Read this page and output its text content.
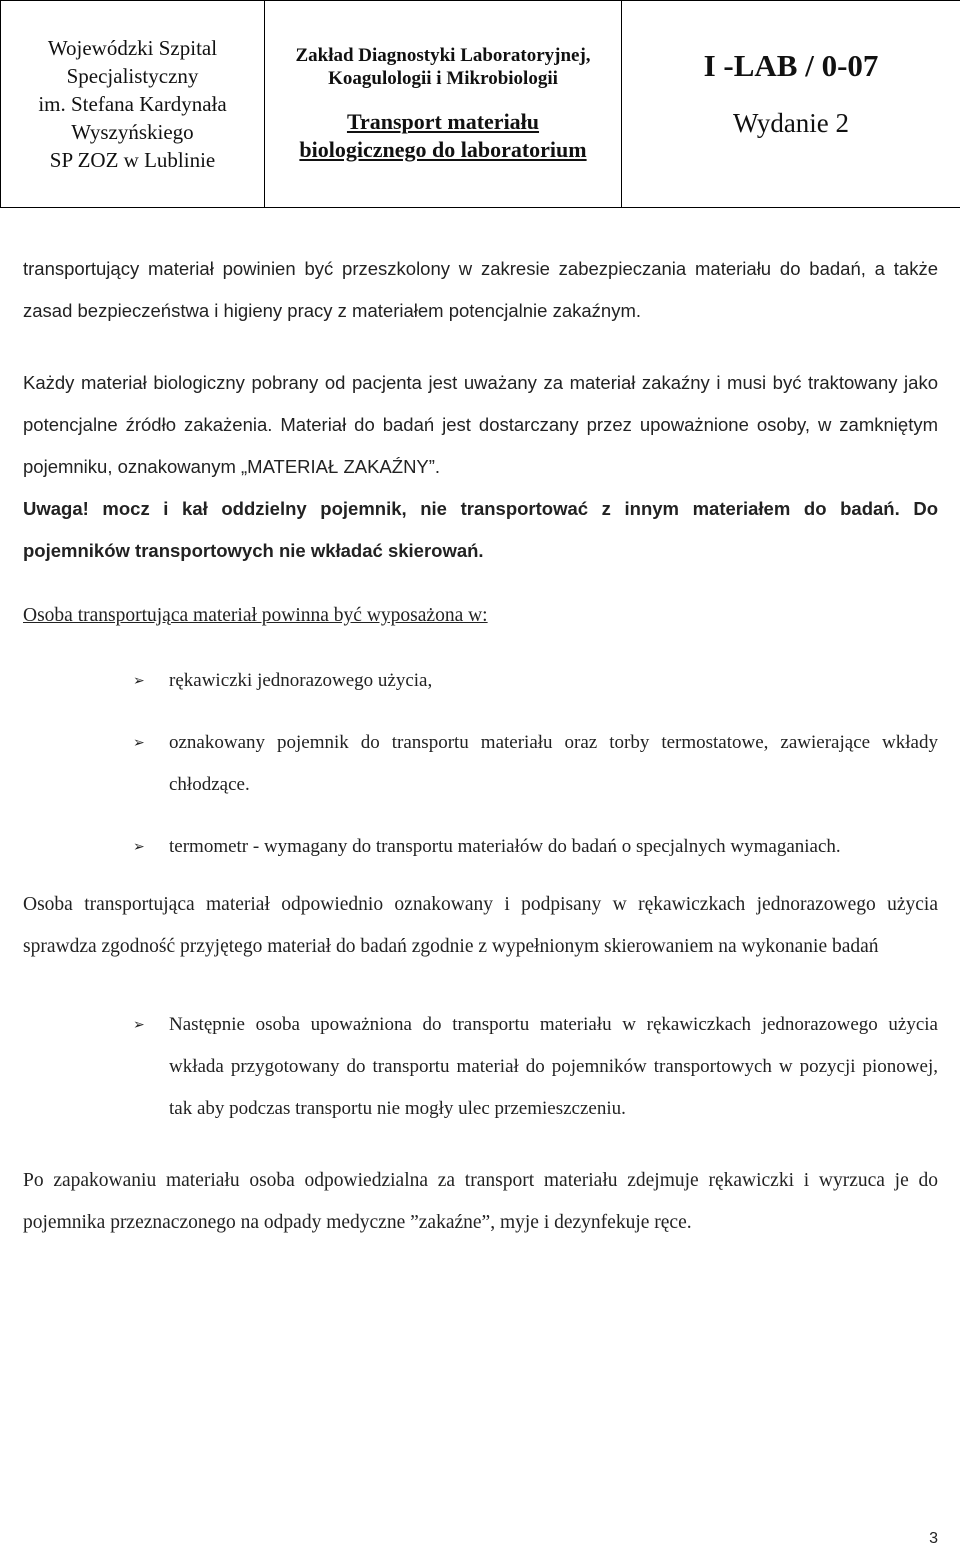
Wojewódzki Szpital
Specjalistyczny
im. Stefana Kardynała
Wyszyńskiego
SP ZOZ w Lublinie

Zakład Diagnostyki Laboratoryjnej,
Koagulologii i Mikrobiologii
Transport materiału
biologicznego do laboratorium

I -LAB / 0-07
Wydanie 2

transportujący materiał powinien być przeszkolony w zakresie zabezpieczania materiału do badań, a także zasad bezpieczeństwa i higieny pracy z materiałem potencjalnie zakaźnym.

Każdy materiał biologiczny pobrany od pacjenta jest uważany za materiał zakaźny i musi być traktowany jako potencjalne źródło zakażenia. Materiał do badań jest dostarczany przez upoważnione osoby, w zamkniętym pojemniku, oznakowanym „MATERIAŁ ZAKAŹNY”.
Uwaga! mocz i kał oddzielny pojemnik, nie transportować z innym materiałem do badań. Do pojemników transportowych nie wkładać skierowań.

Osoba transportująca materiał powinna być wyposażona w:

➢ rękawiczki jednorazowego użycia,
➢ oznakowany pojemnik do transportu materiału oraz torby termostatowe, zawierające wkłady chłodzące.
➢ termometr - wymagany do transportu materiałów do badań o specjalnych wymaganiach.

Osoba transportująca materiał odpowiednio oznakowany i podpisany w rękawiczkach jednorazowego użycia sprawdza zgodność przyjętego materiał do badań zgodnie z wypełnionym skierowaniem na wykonanie badań

➢ Następnie osoba upoważniona do transportu materiału w rękawiczkach jednorazowego użycia wkłada przygotowany do transportu materiał do pojemników transportowych w pozycji pionowej, tak aby podczas transportu nie mogły ulec przemieszczeniu.

Po zapakowaniu materiału osoba odpowiedzialna za transport materiału zdejmuje rękawiczki i wyrzuca je do pojemnika przeznaczonego na odpady medyczne ”zakaźne”, myje i dezynfekuje ręce.

3
